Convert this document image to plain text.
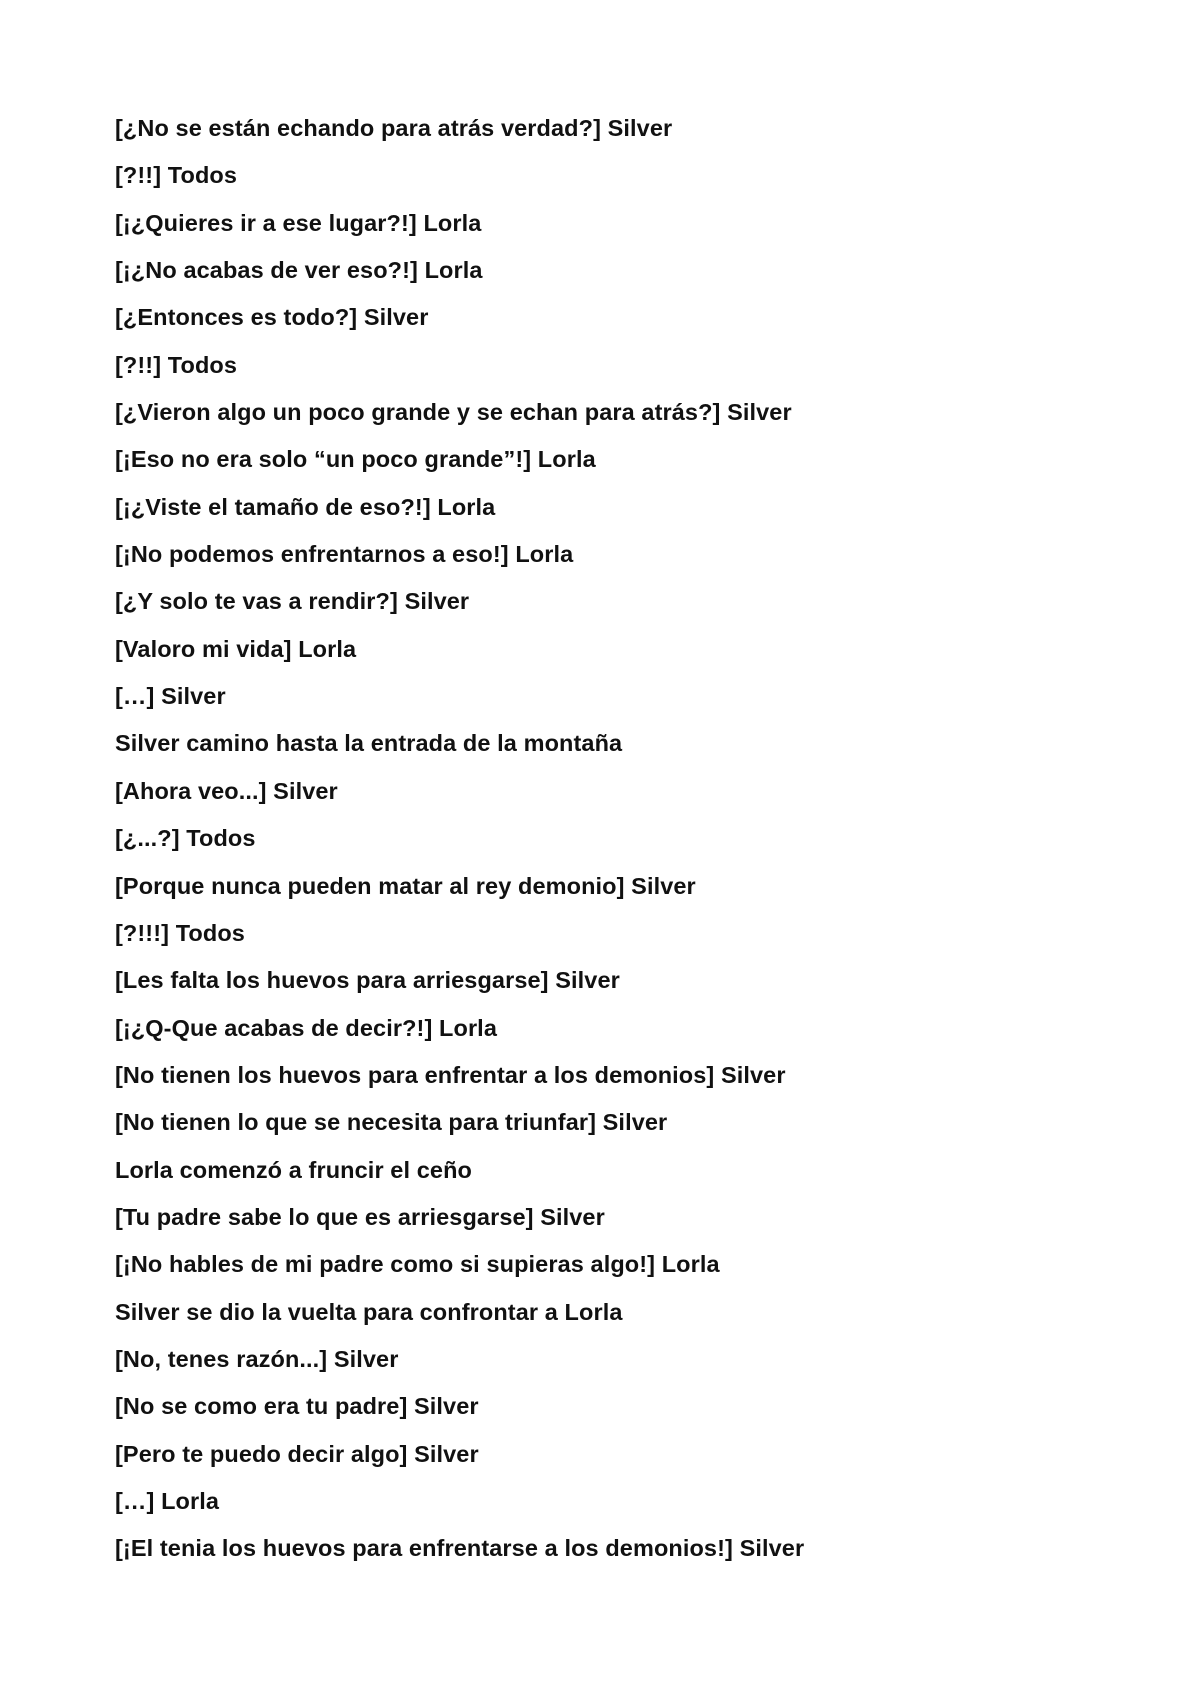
[¿No se están echando para atrás verdad?] Silver
[?!!] Todos
[¡¿Quieres ir a ese lugar?!] Lorla
[¡¿No acabas de ver eso?!] Lorla
[¿Entonces es todo?] Silver
[?!!] Todos
[¿Vieron algo un poco grande y se echan para atrás?] Silver
[¡Eso no era solo “un poco grande”!] Lorla
[¡¿Viste el tamaño de eso?!] Lorla
[¡No podemos enfrentarnos a eso!] Lorla
[¿Y solo te vas a rendir?] Silver
[Valoro mi vida] Lorla
[…] Silver
Silver camino hasta la entrada de la montaña
[Ahora veo...] Silver
[¿...?] Todos
[Porque nunca pueden matar al rey demonio] Silver
[?!!!] Todos
[Les falta los huevos para arriesgarse] Silver
[¡¿Q-Que acabas de decir?!] Lorla
[No tienen los huevos para enfrentar a los demonios] Silver
[No tienen lo que se necesita para triunfar] Silver
Lorla comenzó a fruncir el ceño
[Tu padre sabe lo que es arriesgarse] Silver
[¡No hables de mi padre como si supieras algo!] Lorla
Silver se dio la vuelta para confrontar a Lorla
[No, tenes razón...] Silver
[No se como era tu padre] Silver
[Pero te puedo decir algo] Silver
[…] Lorla
[¡El tenia los huevos para enfrentarse a los demonios!] Silver
